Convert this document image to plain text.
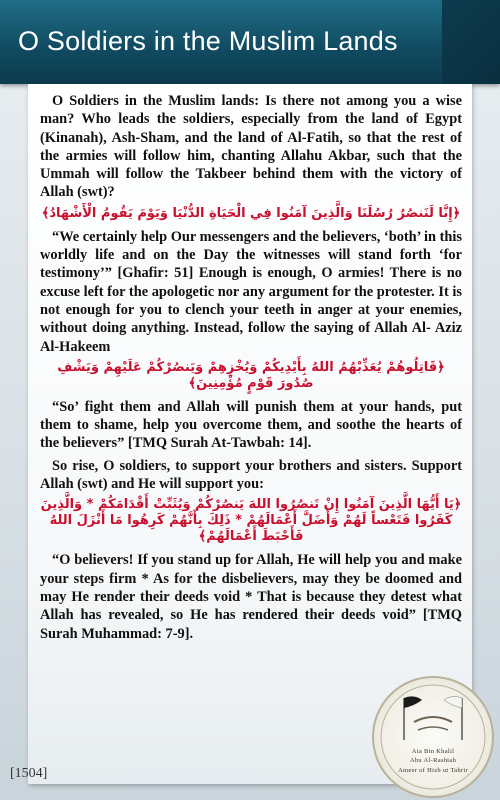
O Soldiers in the Muslim Lands

O Soldiers in the Muslim lands: Is there not among you a wise man? Who leads the soldiers, especially from the land of Egypt (Kinanah), Ash-Sham, and the land of Al-Fatih, so that the rest of the armies will follow him, chanting Allahu Akbar, such that the Ummah will follow the Takbeer behind them with the victory of Allah (swt)?

﴿إِنَّا لَنَنصُرُ رُسُلَنَا وَالَّذِينَ آمَنُوا فِي الْحَيَاةِ الدُّنْيَا وَيَوْمَ يَقُومُ الْأَشْهَادُ﴾

“We certainly help Our messengers and the believers, ‘both’ in this worldly life and on the Day the witnesses will stand forth ‘for testimony’” [Ghafir: 51] Enough is enough, O armies! There is no excuse left for the apologetic nor any argument for the protester. It is not enough for you to clench your teeth in anger at your enemies, without doing anything. Instead, follow the saying of Allah Al- Aziz Al-Hakeem

﴿قَاتِلُوهُمْ يُعَذِّبْهُمُ اللهُ بِأَيْدِيكُمْ وَيُخْزِهِمْ وَيَنصُرْكُمْ عَلَيْهِمْ وَيَشْفِ صُدُورَ قَوْمٍ مُؤْمِنِينَ﴾

“So’ fight them and Allah will punish them at your hands, put them to shame, help you overcome them, and soothe the hearts of the believers” [TMQ Surah At-Tawbah: 14].

So rise, O soldiers, to support your brothers and sisters. Support Allah (swt) and He will support you:

﴿يَا أَيُّهَا الَّذِينَ آمَنُوا إِنْ تَنصُرُوا اللهَ يَنصُرْكُمْ وَيُثَبِّتْ أَقْدَامَكُمْ * وَالَّذِينَ كَفَرُوا فَتَعْساً لَهُمْ وَأَضَلَّ أَعْمَالَهُمْ * ذَلِكَ بِأَنَّهُمْ كَرِهُوا مَا أَنْزَلَ اللهُ فَأَحْبَطَ أَعْمَالَهُمْ﴾

“O believers! If you stand up for Allah, He will help you and make your steps firm * As for the disbelievers, may they be doomed and may He render their deeds void * That is because they detest what Allah has revealed, so He has rendered their deeds void” [TMQ Surah Muhammad: 7-9].

[1504]
Ata Bin Khalil
Abu Al-Rashtah
Ameer of Hizb ut Tahrir
